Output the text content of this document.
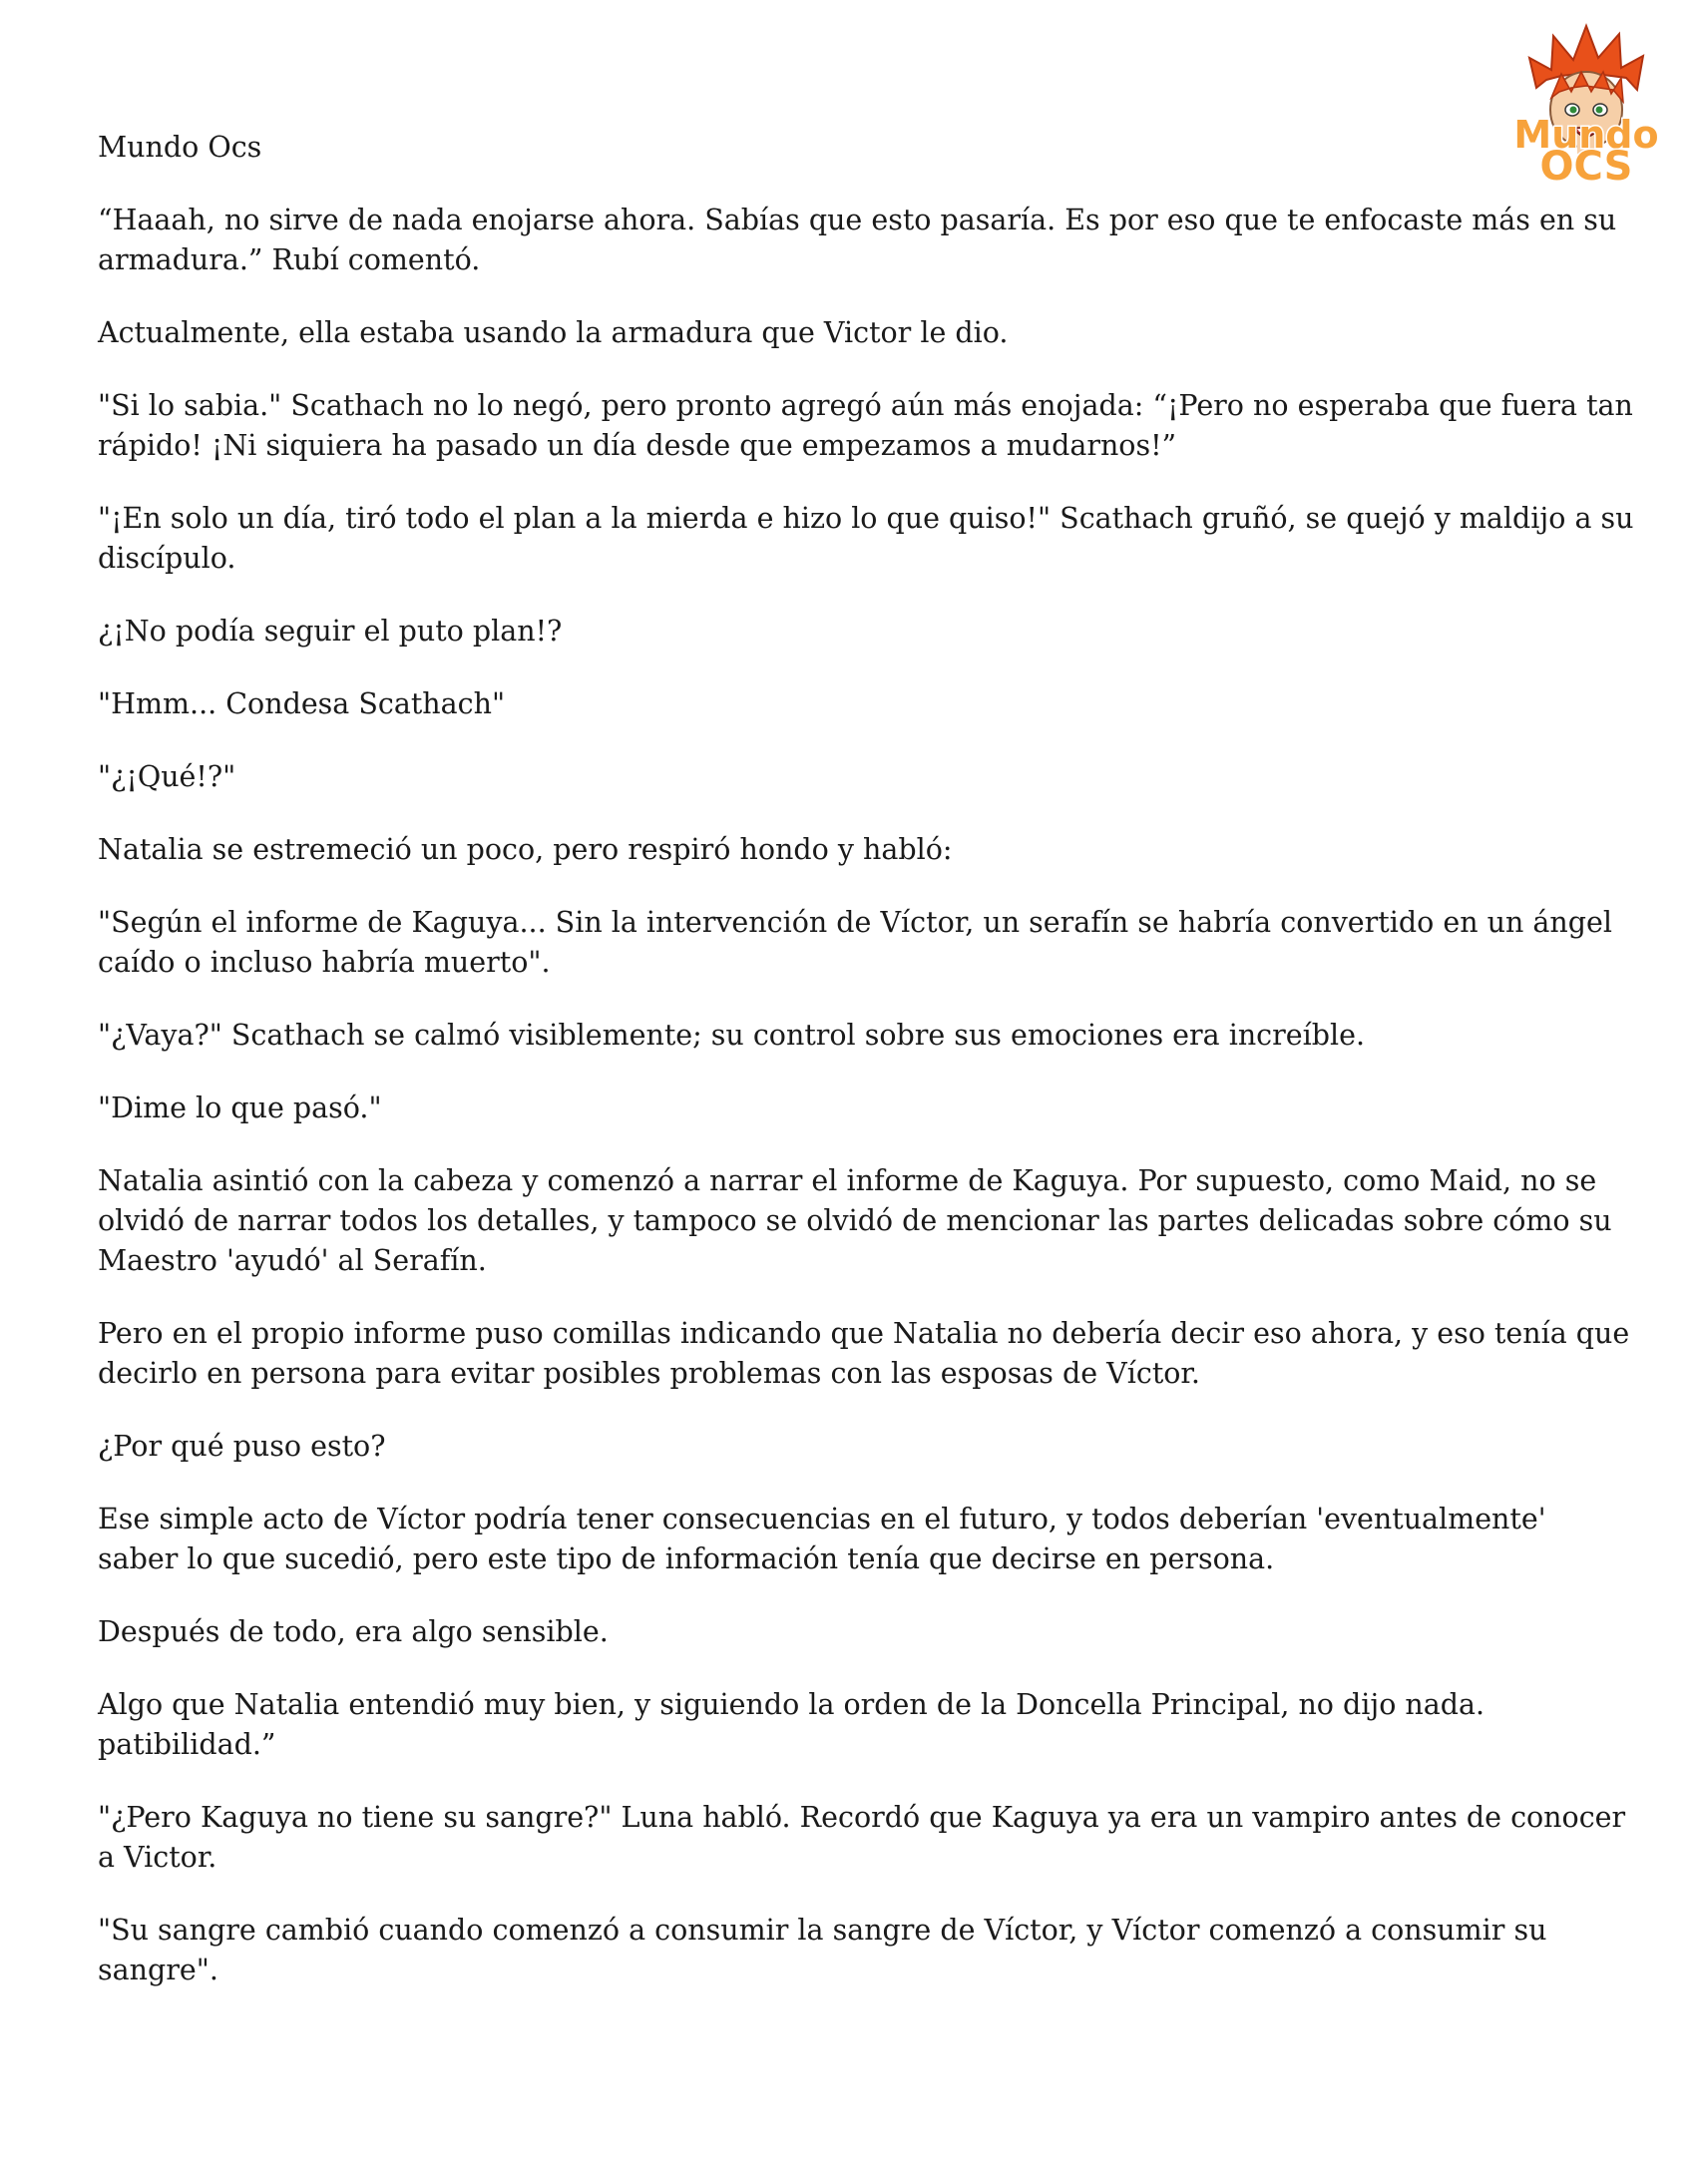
Mundo
OCS

Mundo Ocs

“Haaah, no sirve de nada enojarse ahora. Sabías que esto pasaría. Es por eso que te enfocaste más en su armadura.” Rubí comentó.

Actualmente, ella estaba usando la armadura que Victor le dio.

"Si lo sabia." Scathach no lo negó, pero pronto agregó aún más enojada: “¡Pero no esperaba que fuera tan rápido! ¡Ni siquiera ha pasado un día desde que empezamos a mudarnos!”

"¡En solo un día, tiró todo el plan a la mierda e hizo lo que quiso!" Scathach gruñó, se quejó y maldijo a su discípulo.

¿¡No podía seguir el puto plan!?

"Hmm... Condesa Scathach"

"¿¡Qué!?"

Natalia se estremeció un poco, pero respiró hondo y habló:

"Según el informe de Kaguya... Sin la intervención de Víctor, un serafín se habría convertido en un ángel caído o incluso habría muerto".

"¿Vaya?" Scathach se calmó visiblemente; su control sobre sus emociones era increíble.

"Dime lo que pasó."

Natalia asintió con la cabeza y comenzó a narrar el informe de Kaguya. Por supuesto, como Maid, no se olvidó de narrar todos los detalles, y tampoco se olvidó de mencionar las partes delicadas sobre cómo su Maestro 'ayudó' al Serafín.

Pero en el propio informe puso comillas indicando que Natalia no debería decir eso ahora, y eso tenía que decirlo en persona para evitar posibles problemas con las esposas de Víctor.

¿Por qué puso esto?

Ese simple acto de Víctor podría tener consecuencias en el futuro, y todos deberían 'eventualmente' saber lo que sucedió, pero este tipo de información tenía que decirse en persona.

Después de todo, era algo sensible.

Algo que Natalia entendió muy bien, y siguiendo la orden de la Doncella Principal, no dijo nada. patibilidad.”

"¿Pero Kaguya no tiene su sangre?" Luna habló. Recordó que Kaguya ya era un vampiro antes de conocer a Victor.

"Su sangre cambió cuando comenzó a consumir la sangre de Víctor, y Víctor comenzó a consumir su sangre".
